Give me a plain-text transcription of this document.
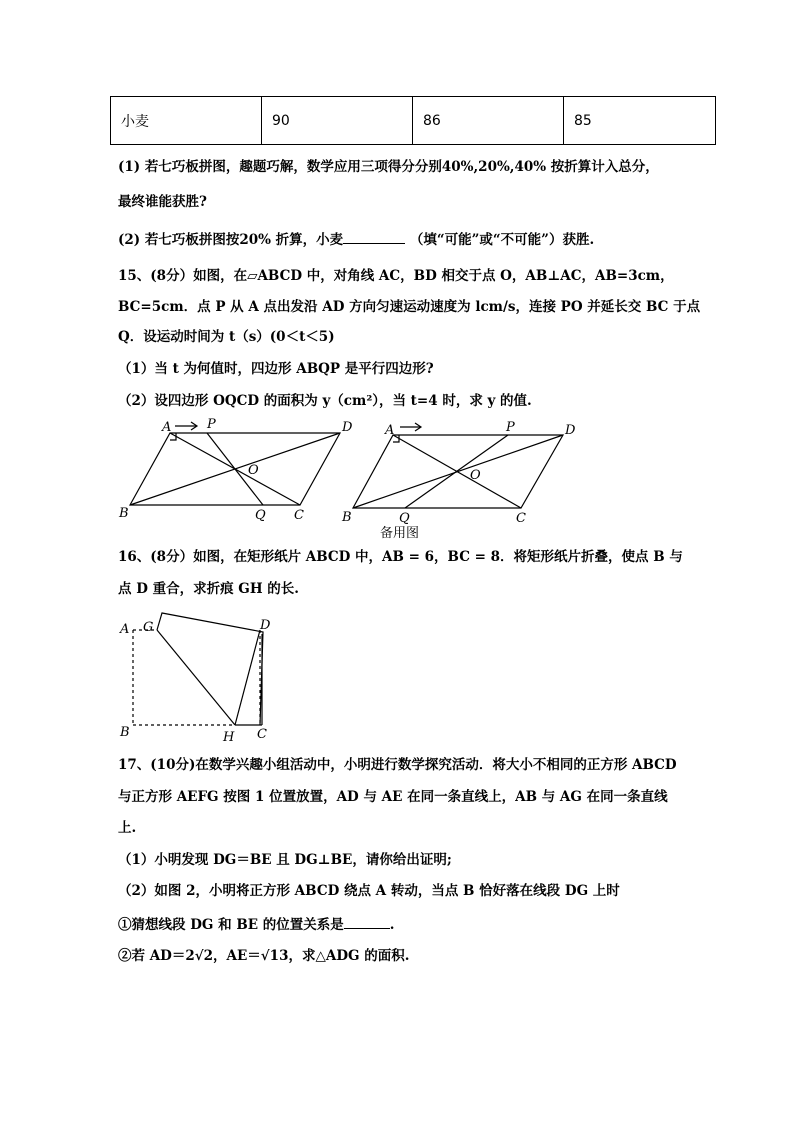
小麦	90	86	85
(1) 若七巧板拼图，趣题巧解，数学应用三项得分分别40%,20%,40% 按折算计入总分，
最终谁能获胜?
(2) 若七巧板拼图按20% 折算，小麦	（填“可能”或“不可能”）获胜.
15、(8分）如图，在▱ABCD 中，对角线 AC，BD 相交于点 O，AB⊥AC，AB=3cm，
BC=5cm．点 P 从 A 点出发沿 AD 方向匀速运动速度为 lcm/s，连接 PO 并延长交 BC 于点
Q．设运动时间为 t（s）(0＜t＜5)
（1）当 t 为何值时，四边形 ABQP 是平行四边形?
（2）设四边形 OQCD 的面积为 y（cm²），当 t=4 时，求 y 的值.
A	P	D
O
B	Q C
A	P	D
O
B	Q	C
备用图
16、(8分）如图，在矩形纸片 ABCD 中，AB = 6，BC = 8．将矩形纸片折叠，使点 B 与
点 D 重合，求折痕 GH 的长.
A G	D
B	H C
17、(10分)在数学兴趣小组活动中，小明进行数学探究活动．将大小不相同的正方形 ABCD
与正方形 AEFG 按图 1 位置放置，AD 与 AE 在同一条直线上，AB 与 AG 在同一条直线
上.
（1）小明发现 DG＝BE 且 DG⊥BE，请你给出证明;
（2）如图 2，小明将正方形 ABCD 绕点 A 转动，当点 B 恰好落在线段 DG 上时
①猜想线段 DG 和 BE 的位置关系是	.
②若 AD＝2√2，AE＝√13，求△ADG 的面积.
